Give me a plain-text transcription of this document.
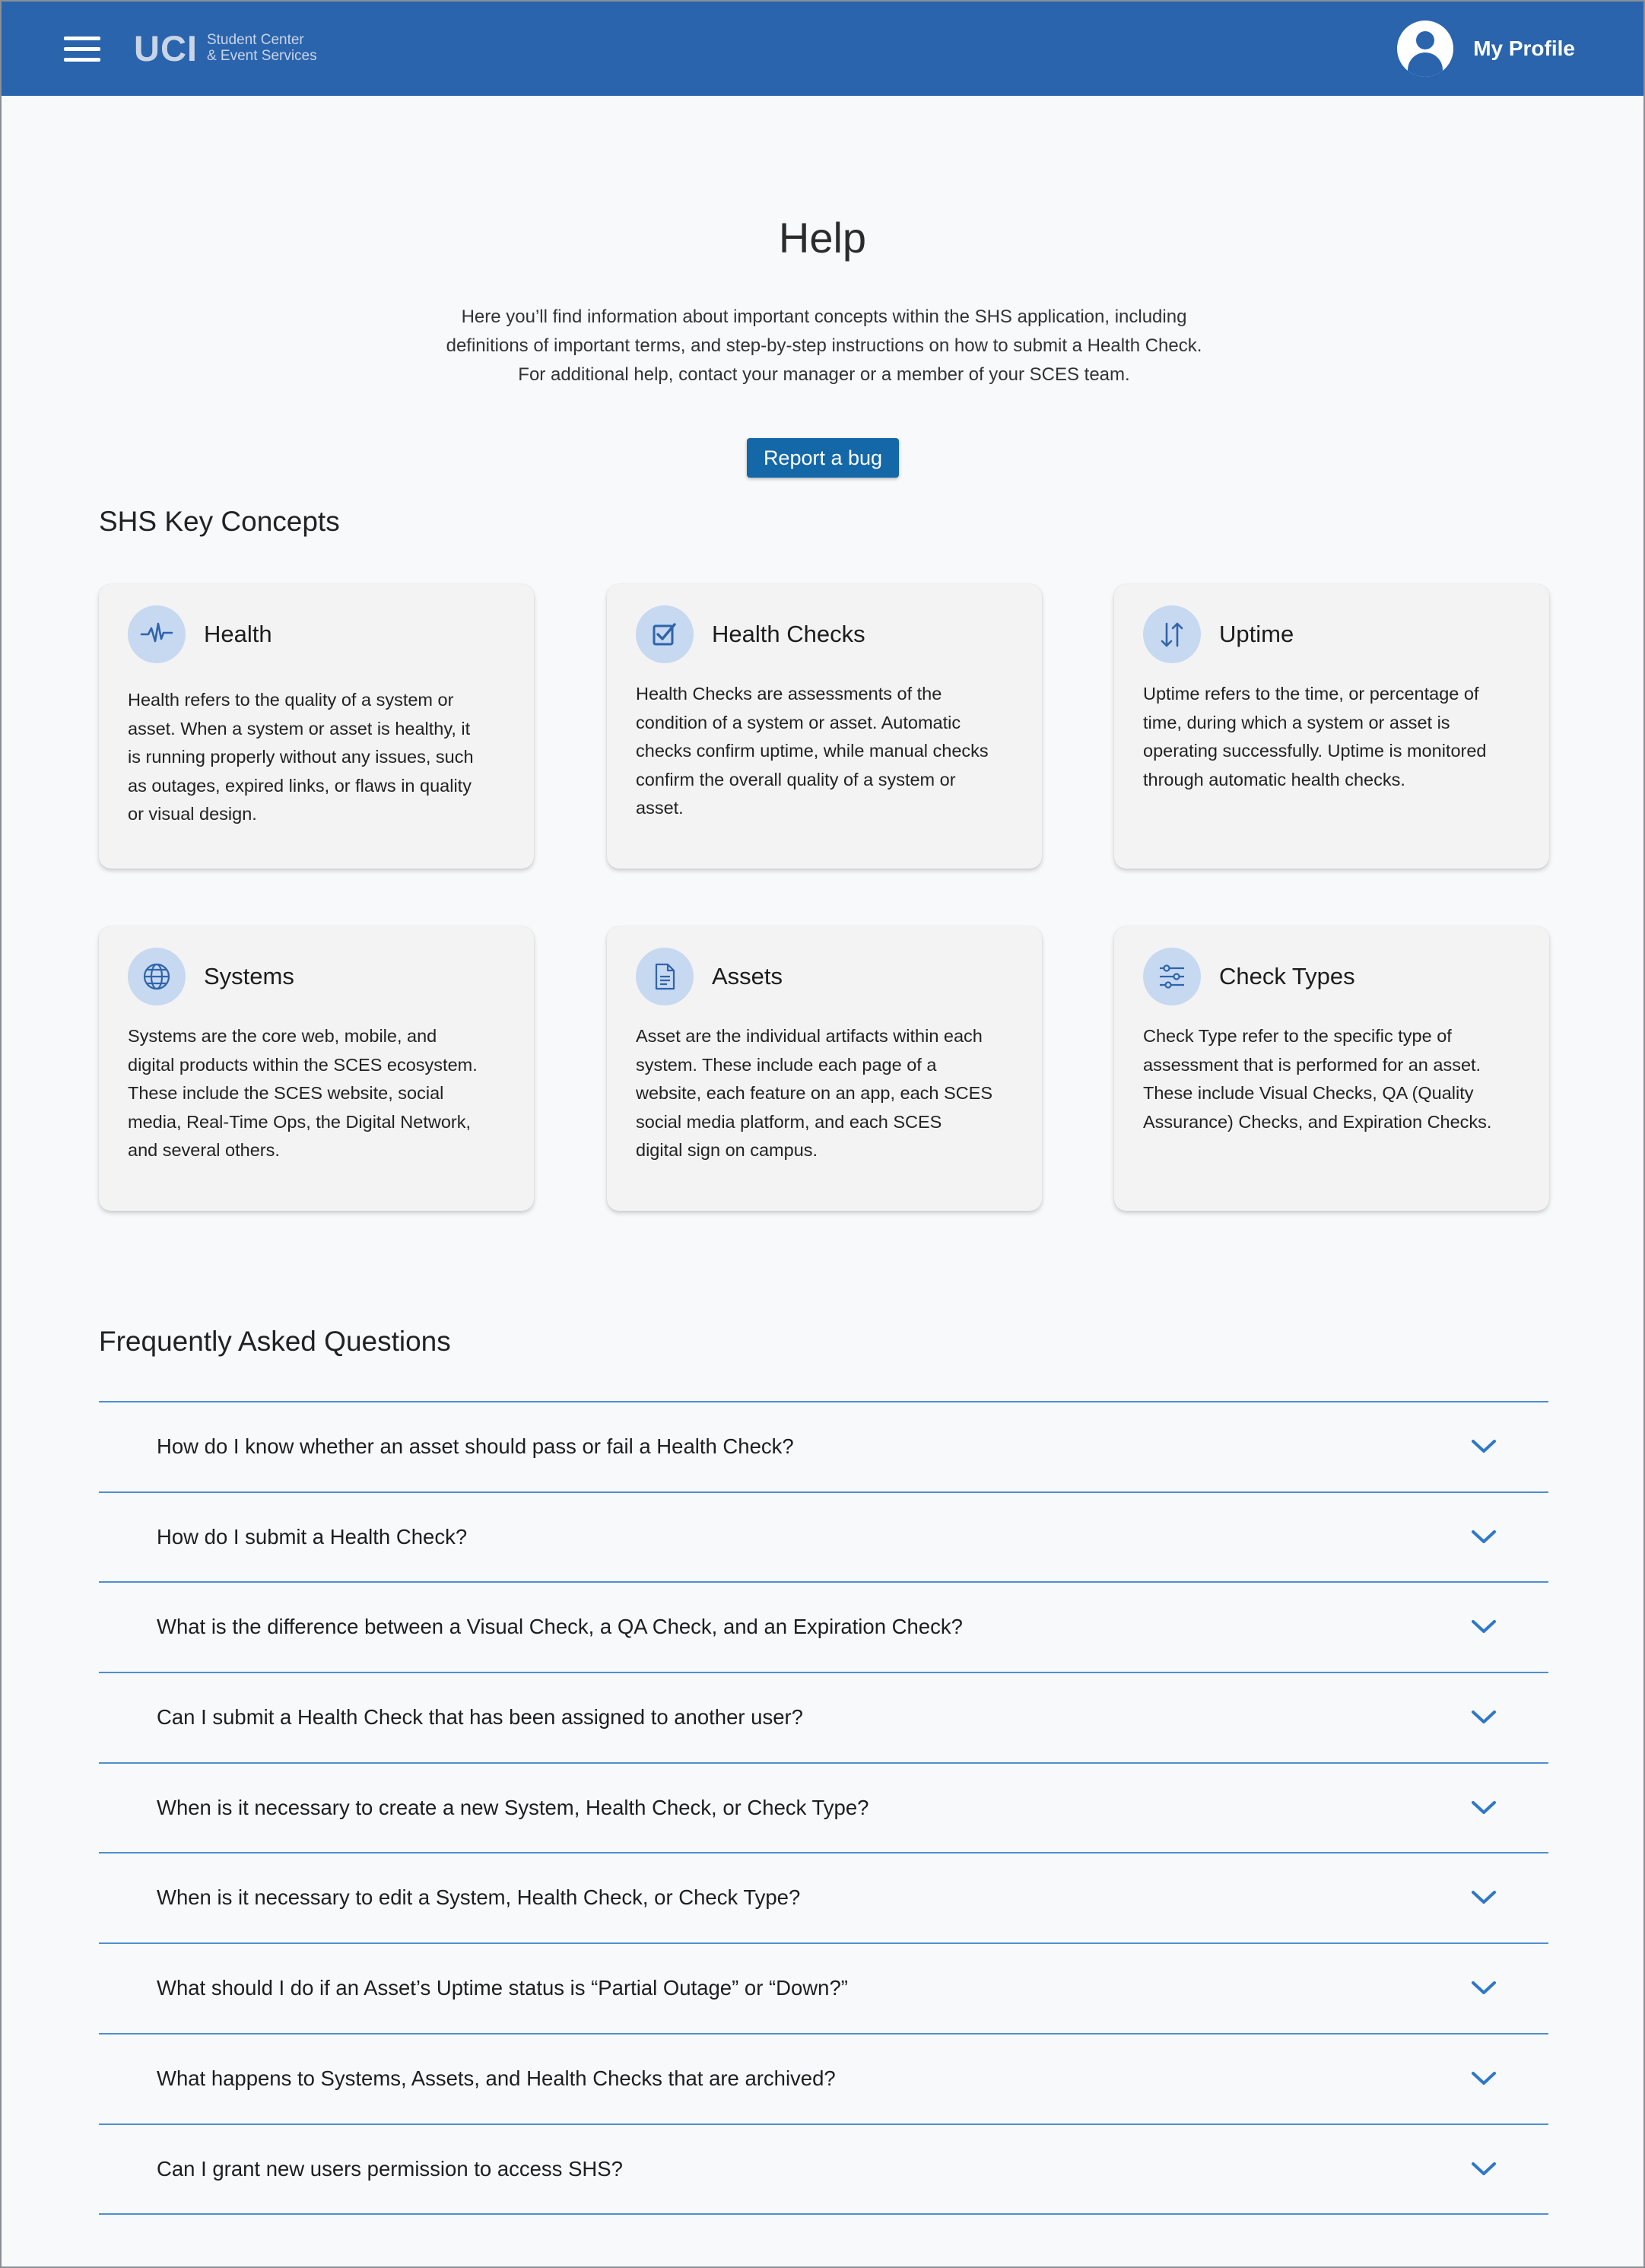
UCI Student Center
& Event Services	My Profile
Help

Here you’ll find information about important concepts within the SHS application, including
definitions of important terms, and step-by-step instructions on how to submit a Health Check.
For additional help, contact your manager or a member of your SCES team.

Report a bug
SHS Key Concepts
Health
Health refers to the quality of a system or asset. When a system or asset is healthy, it is running properly without any issues, such as outages, expired links, or flaws in quality or visual design.
Health Checks
Health Checks are assessments of the condition of a system or asset. Automatic checks confirm uptime, while manual checks confirm the overall quality of a system or asset.
Uptime
Uptime refers to the time, or percentage of time, during which a system or asset is operating successfully. Uptime is monitored through automatic health checks.
Systems
Systems are the core web, mobile, and digital products within the SCES ecosystem. These include the SCES website, social media, Real-Time Ops, the Digital Network, and several others.
Assets
Asset are the individual artifacts within each system. These include each page of a website, each feature on an app, each SCES social media platform, and each SCES digital sign on campus.
Check Types
Check Type refer to the specific type of assessment that is performed for an asset. These include Visual Checks, QA (Quality Assurance) Checks, and Expiration Checks.
Frequently Asked Questions
How do I know whether an asset should pass or fail a Health Check?
How do I submit a Health Check?
What is the difference between a Visual Check, a QA Check, and an Expiration Check?
Can I submit a Health Check that has been assigned to another user?
When is it necessary to create a new System, Health Check, or Check Type?
When is it necessary to edit a System, Health Check, or Check Type?
What should I do if an Asset’s Uptime status is “Partial Outage” or “Down?”
What happens to Systems, Assets, and Health Checks that are archived?
Can I grant new users permission to access SHS?
